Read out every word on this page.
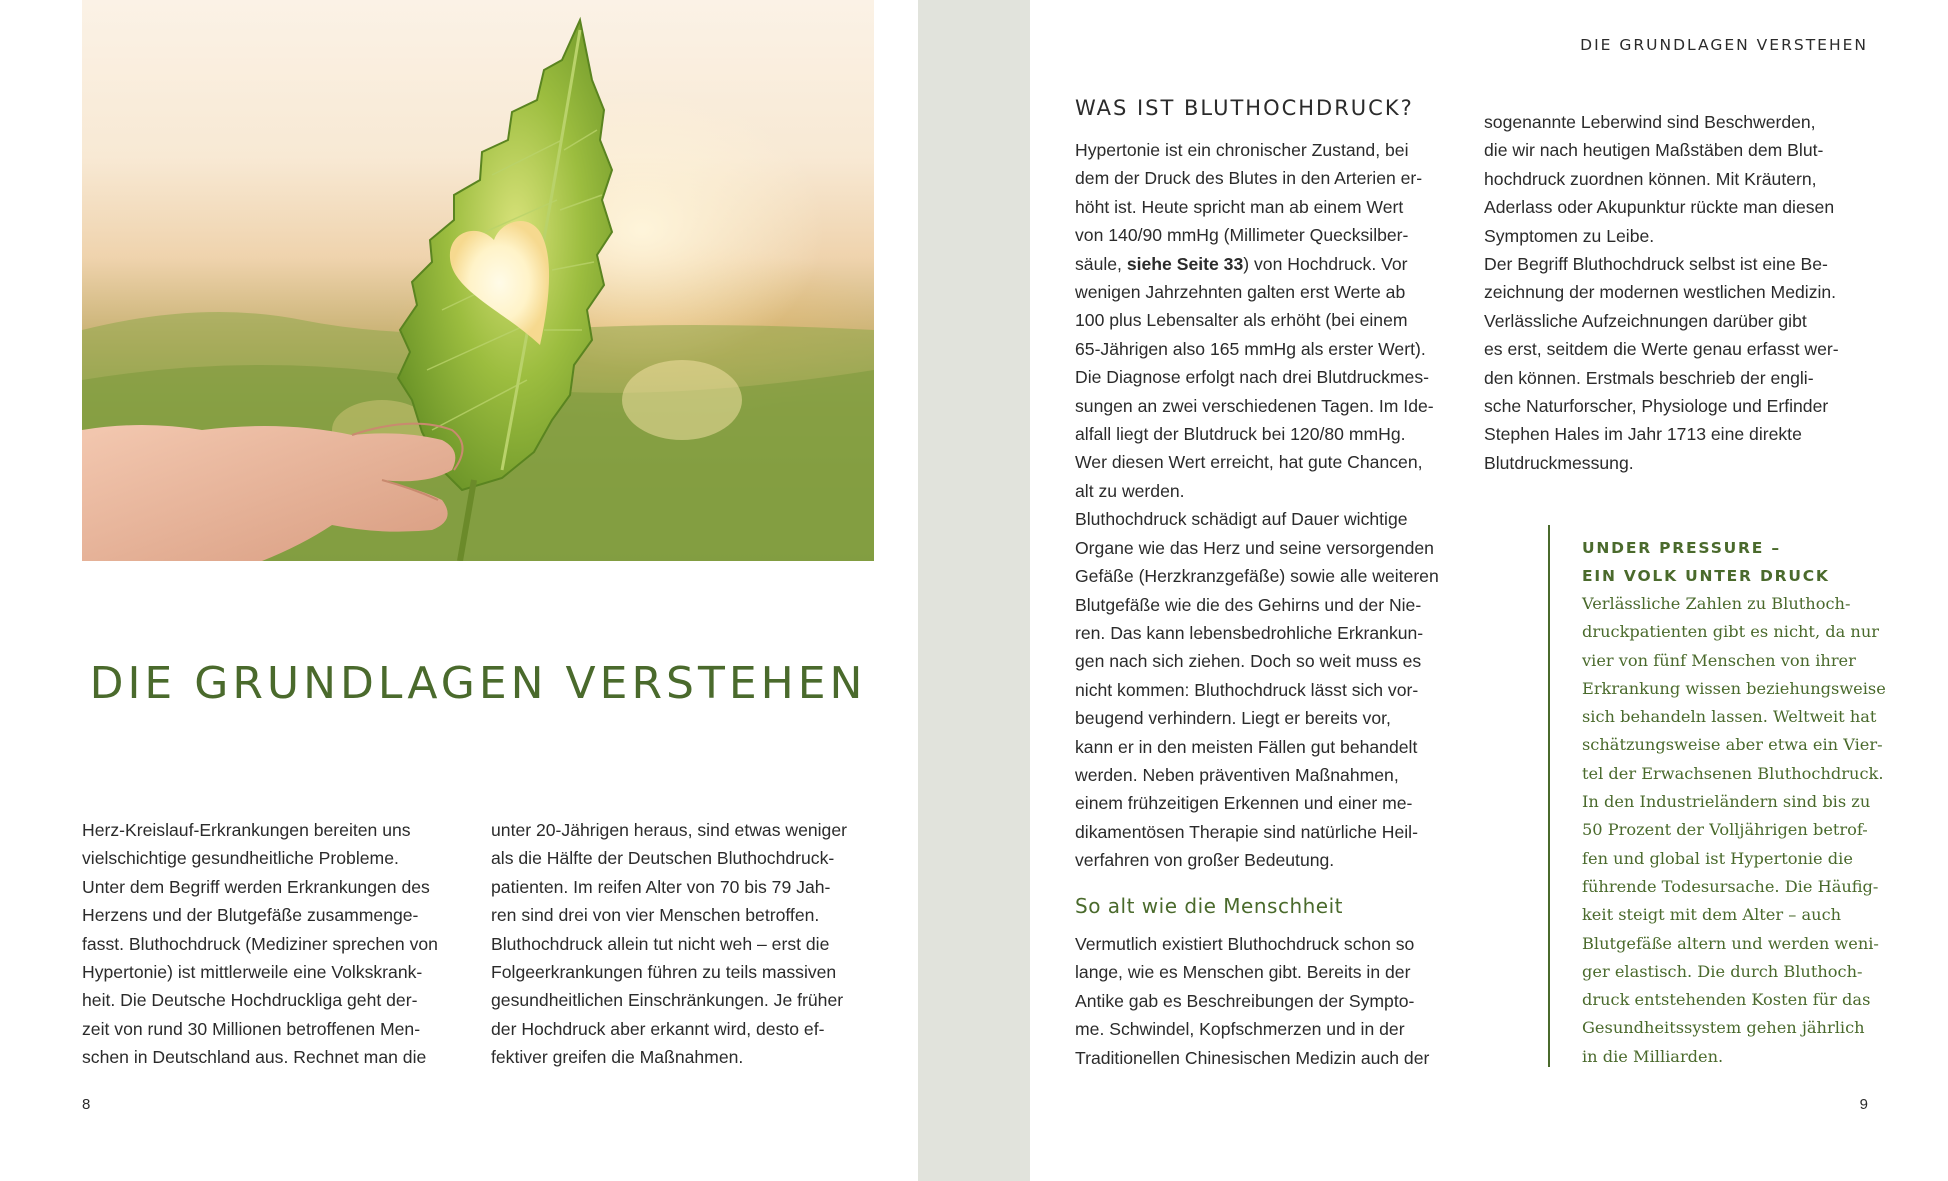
DIE GRUNDLAGEN VERSTEHEN
Herz-Kreislauf-Erkrankungen bereiten uns
vielschichtige gesundheitliche Probleme.
Unter dem Begriff werden Erkrankungen des
Herzens und der Blutgefäße zusammenge-
fasst. Bluthochdruck (Mediziner sprechen von
Hypertonie) ist mittlerweile eine Volkskrank-
heit. Die Deutsche Hochdruckliga geht der-
zeit von rund 30 Millionen betroffenen Men-
schen in Deutschland aus. Rechnet man die
unter 20-Jährigen heraus, sind etwas weniger
als die Hälfte der Deutschen Bluthochdruck-
patienten. Im reifen Alter von 70 bis 79 Jah-
ren sind drei von vier Menschen betroffen.
Bluthochdruck allein tut nicht weh – erst die
Folgeerkrankungen führen zu teils massiven
gesundheitlichen Einschränkungen. Je früher
der Hochdruck aber erkannt wird, desto ef-
fektiver greifen die Maßnahmen.
8
DIE GRUNDLAGEN VERSTEHEN
WAS IST BLUTHOCHDRUCK?
Hypertonie ist ein chronischer Zustand, bei
dem der Druck des Blutes in den Arterien er-
höht ist. Heute spricht man ab einem Wert
von 140/90 mmHg (Millimeter Quecksilber-
säule, siehe Seite 33) von Hochdruck. Vor
wenigen Jahrzehnten galten erst Werte ab
100 plus Lebensalter als erhöht (bei einem
65-Jährigen also 165 mmHg als erster Wert).
Die Diagnose erfolgt nach drei Blutdruckmes-
sungen an zwei verschiedenen Tagen. Im Ide-
alfall liegt der Blutdruck bei 120/80 mmHg.
Wer diesen Wert erreicht, hat gute Chancen,
alt zu werden.
Bluthochdruck schädigt auf Dauer wichtige
Organe wie das Herz und seine versorgenden
Gefäße (Herzkranzgefäße) sowie alle weiteren
Blutgefäße wie die des Gehirns und der Nie-
ren. Das kann lebensbedrohliche Erkrankun-
gen nach sich ziehen. Doch so weit muss es
nicht kommen: Bluthochdruck lässt sich vor-
beugend verhindern. Liegt er bereits vor,
kann er in den meisten Fällen gut behandelt
werden. Neben präventiven Maßnahmen,
einem frühzeitigen Erkennen und einer me-
dikamentösen Therapie sind natürliche Heil-
verfahren von großer Bedeutung.
So alt wie die Menschheit
Vermutlich existiert Bluthochdruck schon so
lange, wie es Menschen gibt. Bereits in der
Antike gab es Beschreibungen der Sympto-
me. Schwindel, Kopfschmerzen und in der
Traditionellen Chinesischen Medizin auch der
sogenannte Leberwind sind Beschwerden,
die wir nach heutigen Maßstäben dem Blut-
hochdruck zuordnen können. Mit Kräutern,
Aderlass oder Akupunktur rückte man diesen
Symptomen zu Leibe.
Der Begriff Bluthochdruck selbst ist eine Be-
zeichnung der modernen westlichen Medizin.
Verlässliche Aufzeichnungen darüber gibt
es erst, seitdem die Werte genau erfasst wer-
den können. Erstmals beschrieb der engli-
sche Naturforscher, Physiologe und Erfinder
Stephen Hales im Jahr 1713 eine direkte
Blutdruckmessung.
UNDER PRESSURE –
EIN VOLK UNTER DRUCK
Verlässliche Zahlen zu Bluthoch-
druckpatienten gibt es nicht, da nur
vier von fünf Menschen von ihrer
Erkrankung wissen beziehungsweise
sich behandeln lassen. Weltweit hat
schätzungsweise aber etwa ein Vier-
tel der Erwachsenen Bluthochdruck.
In den Industrieländern sind bis zu
50 Prozent der Volljährigen betrof-
fen und global ist Hypertonie die
führende Todesursache. Die Häufig-
keit steigt mit dem Alter – auch
Blutgefäße altern und werden weni-
ger elastisch. Die durch Bluthoch-
druck entstehenden Kosten für das
Gesundheitssystem gehen jährlich
in die Milliarden.
9
